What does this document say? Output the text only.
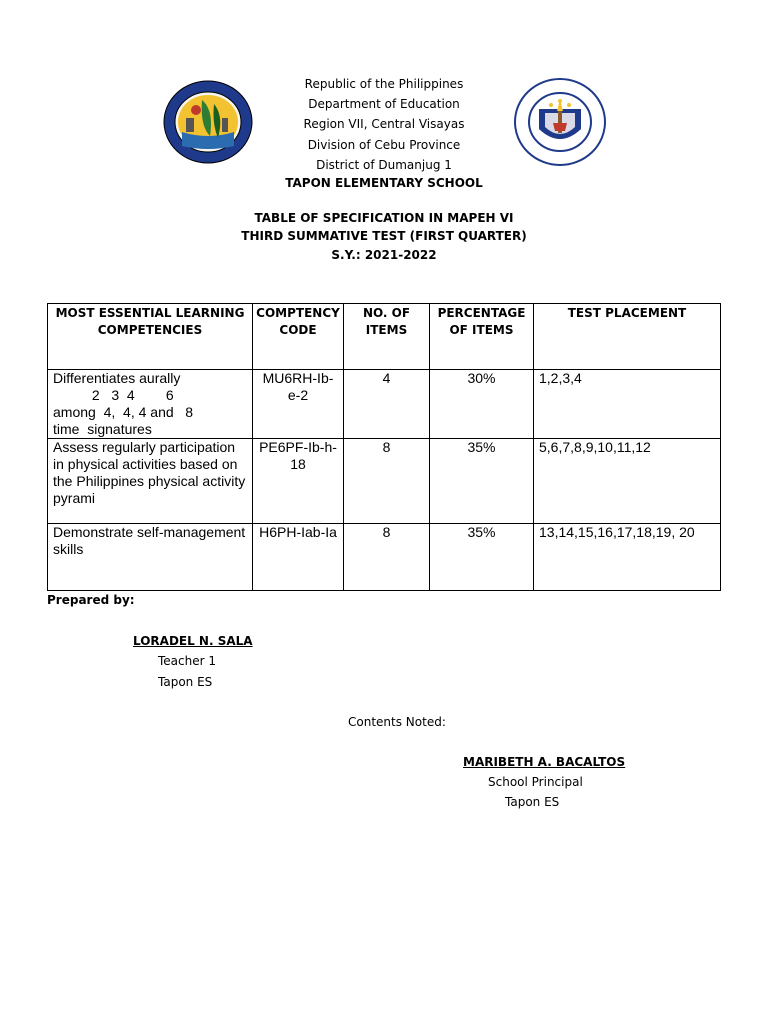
Republic of the Philippines
Department of Education
Region VII, Central Visayas
Division of Cebu Province
District of Dumanjug 1
TAPON ELEMENTARY SCHOOL
TABLE OF SPECIFICATION IN MAPEH VI
THIRD SUMMATIVE TEST (FIRST QUARTER)
S.Y.: 2021-2022
MOST ESSENTIAL LEARNING COMPETENCIES	COMPTENCY CODE	NO. OF ITEMS	PERCENTAGE OF ITEMS	TEST PLACEMENT
Differentiates aurally
2   3  4        6
among  4,  4, 4 and   8
time  signatures	MU6RH-Ib-e-2	4	30%	1,2,3,4
Assess regularly participation in physical activities based on the Philippines physical activity pyrami	PE6PF-Ib-h-18	8	35%	5,6,7,8,9,10,11,12
Demonstrate self-management skills	H6PH-Iab-Ia	8	35%	13,14,15,16,17,18,19, 20
Prepared by:
LORADEL N. SALA
Teacher 1
Tapon ES
Contents Noted:
MARIBETH A. BACALTOS
School Principal
Tapon ES
